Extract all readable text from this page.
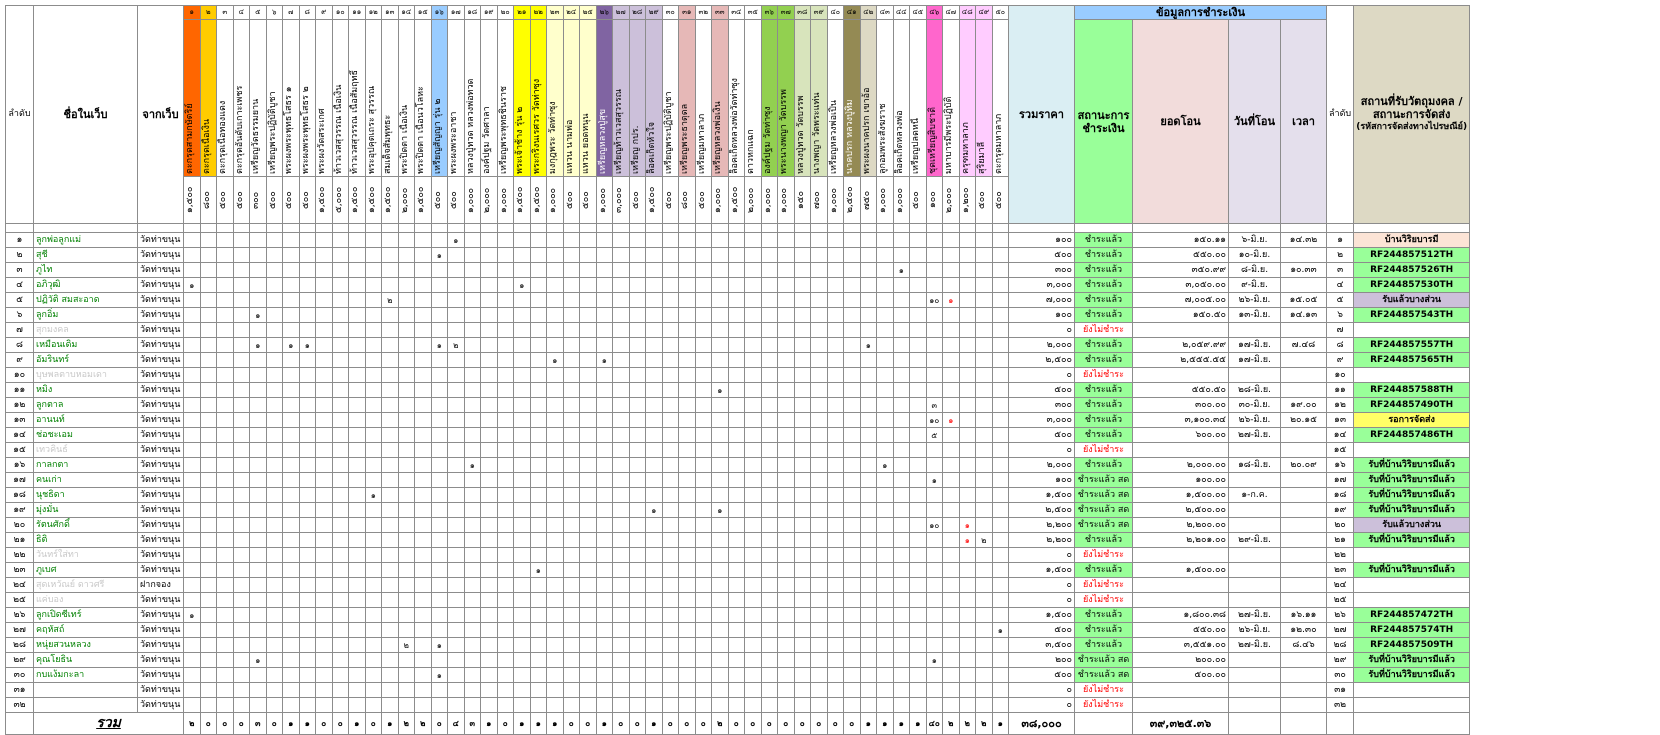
ลำดับ	ชื่อในเว็บ	จากเว็บ	๑	๒	๓	๔	๕	๖	๗	๘	๙	๑๐	๑๑	๑๒	๑๓	๑๔	๑๕	๑๖	๑๗	๑๘	๑๙	๒๐	๒๑	๒๒	๒๓	๒๔	๒๕	๒๖	๒๗	๒๘	๒๙	๓๐	๓๑	๓๒	๓๓	๓๔	๓๕	๓๖	๓๗	๓๘	๓๙	๔๐	๔๑	๔๒	๔๓	๔๔	๔๕	๔๖	๔๗	๔๘	๔๙	๕๐	รวมราคา	ข้อมูลการชำระเงิน				ลำดับ	สถานที่รับวัตถุมงคล / สถานะการจัดส่ง
(รหัสการจัดส่งทางไปรษณีย์)

			ตะกรุดสามกษัตริย์	ตะกรุดเนื้อเงิน	ตะกรุดเนื้อทองแดง	ตะกรุดอันดับเกาะเพชร	เหรียญวัดธรรมยาน	เหรียญพระปฏิบัติบูชา	พระผงพระพุทธโสธร ๑	พระผงพระพุทธโสธร ๒	พระผงวัดสระเกศ	ท้าวเวสสุวรรณ เนื้อเงิน	ท้าวเวสสุวรรณ เนื้อสัมฤทธิ์	พระอุปคุตเถระ สุวรรณ	สมเด็จสัมพุทธะ	พระปิดตา เนื้อเงิน	พระปิดตา เนื้อนวโลหะ	เหรียญสัญญา รุ่น ๒	พระผงพระอาชา	หลวงปู่ทวด หลวงพ่อทวด	องค์ปฐม วัดศาลา	เหรียญพระพุทธชินราช	พระเจ้าช้าง รุ่น ๒	พระกริ่งนเรศวร วัดท่าซุง	มงกุฎพระ วัดท่าซุง	แหวน นามพ่อ	แหวน ยอดหนุน	เหรียญหลวงปู่สุข	เหรียญท้าวเวสสุวรรณ	เหรียญ กปร.	ล็อคเก็ตหัวใจ	เหรียญพระปฏิบัติบูชา	เหรียญพระธาตุดล	เหรียญมหาลาภ	เหรียญหลวงพ่อเงิน	ล็อคเก็ตหลวงพ่อวัดท่าซุง	ดาวหกแฉก	องค์ปฐม วัดท่าซุง	พระนางพญา วัดบรรพ	หลวงปู่ทวด วัดบรรพ	นางพญา วัดพระแท่น	เหรียญหลวงพ่อเปิ้น	นาคปรก หลวงปู่ทิม	พระผงนาคปรก เขาอ้อ	ลูกอมพระสังฆราช	ล็อคเก็ตหลวงพ่อ	เหรียญปลดหนี้	ชุดเหรียญสิบชาติ	มหาบารมีพระปฏิบัติ	ครุฑมหาลาภ	สุริยมาลี	ตะกรุดมหาลาภ		สถานะการชำระเงิน	ยอดโอน	วันที่โอน	เวลา		

			๑,๕๐๐	๘๐๐	๕๐๐	๕๐๐	๓๐๐	๕๐๐	๕๐๐	๕๐๐	๑,๕๐๐	๕,๐๐๐	๑,๕๐๐	๑,๕๐๐	๑,๕๐๐	๒,๐๐๐	๑,๕๐๐	๕๐๐	๕๐๐	๑,๐๐๐	๒,๐๐๐	๑,๐๐๐	๑,๕๐๐	๑,๕๐๐	๑,๐๐๐	๕๐๐	๕๐๐	๑,๐๐๐	๓,๐๐๐	๕๐๐	๑,๕๐๐	๕๐๐	๘๐๐	๕๐๐	๑,๐๐๐	๑,๕๐๐	๒,๐๐๐	๑,๐๐๐	๑,๐๐๐	๑๕๐	๗๐๐	๑,๐๐๐	๒,๕๐๐	๗๕๐	๑,๐๐๐	๑,๐๐๐	๕๐๐	๑๐๐	๒,๐๐๐	๑,๒๐๐	๕๐๐	๕๐๐							

๑	ลูกพ่อลูกแม่	วัดท่าขนุน																	๑																																		๑๐๐	ชำระแล้ว	๑๕๐.๑๑	๖-มิ.ย.	๑๔.๓๒	๑	บ้านวิริยบารมี
๒	สุชี	วัดท่าขนุน																๑																																			๕๐๐	ชำระแล้ว	๕๕๐.๐๐	๑๐-มิ.ย.		๒	RF244857512TH
๓	ภูไท	วัดท่าขนุน																																												๑							๓๐๐	ชำระแล้ว	๓๕๐.๙๙	๘-มิ.ย.	๑๐.๓๓	๓	RF244857526TH
๔	อภิวุฒิ	วัดท่าขนุน	๑																				๑																														๓,๐๐๐	ชำระแล้ว	๓,๐๕๐.๐๐	๙-มิ.ย.		๔	RF244857530TH
๕	ปฏิวัติ สมสะอาด	วัดท่าขนุน													๒																																	๑๐	๑				๗,๐๐๐	ชำระแล้ว	๗,๐๐๕.๐๐	๒๖-มิ.ย.	๑๕.๐๕	๕	รับแล้วบางส่วน
๖	ลูกอิ่ม	วัดท่าขนุน					๑																																														๑๐๐	ชำระแล้ว	๑๕๐.๕๐	๑๓-มิ.ย.	๑๔.๑๓	๖	RF244857543TH
๗	สุกมงคล	วัดท่าขนุน																																																			๐	ยังไม่ชำระ				๗	
๘	เหมือนเดิม	วัดท่าขนุน					๑		๑	๑								๑	๒																									๑									๒,๐๐๐	ชำระแล้ว	๒,๐๕๙.๙๙	๑๗-มิ.ย.	๗.๔๘	๘	RF244857557TH
๙	อัมรินทร์	วัดท่าขนุน																							๑			๑																									๒,๕๐๐	ชำระแล้ว	๒,๕๕๕.๕๕	๑๗-มิ.ย.		๙	RF244857565TH
๑๐	บุษพลตาบหอมเดา	วัดท่าขนุน																																																			๐	ยังไม่ชำระ				๑๐	
๑๑	หมิง	วัดท่าขนุน																																	๑																		๕๐๐	ชำระแล้ว	๕๕๐.๕๐	๒๘-มิ.ย.		๑๑	RF244857588TH
๑๒	ลูกตาล	วัดท่าขนุน																																														๓					๓๐๐	ชำระแล้ว	๓๐๐.๐๐	๓๐-มิ.ย.	๑๙.๐๐	๑๒	RF244857490TH
๑๓	อานนท์	วัดท่าขนุน																																														๑๐	๑				๓,๐๐๐	ชำระแล้ว	๓,๑๐๐.๓๔	๒๖-มิ.ย.	๒๐.๑๕	๑๓	รอการจัดส่ง
๑๔	ช่อชะเอม	วัดท่าขนุน																																														๕					๕๐๐	ชำระแล้ว	๖๐๐.๐๐	๒๗-มิ.ย.		๑๔	RF244857486TH
๑๕	เทวคินธ์	วัดท่าขนุน																																																			๐	ยังไม่ชำระ				๑๕	
๑๖	กาลกตา	วัดท่าขนุน																		๑																									๑								๒,๐๐๐	ชำระแล้ว	๒,๐๐๐.๐๐	๑๘-มิ.ย.	๒๐.๐๙	๑๖	รับที่บ้านวิริยบารมีแล้ว
๑๗	คนเก่า	วัดท่าขนุน																																														๑					๑๐๐	ชำระแล้ว สด	๑๐๐.๐๐			๑๗	รับที่บ้านวิริยบารมีแล้ว
๑๘	นุชธิดา	วัดท่าขนุน												๑																																							๑,๕๐๐	ชำระแล้ว สด	๑,๕๐๐.๐๐	๑-ก.ค.		๑๘	รับที่บ้านวิริยบารมีแล้ว
๑๙	มุ่งมั่น	วัดท่าขนุน																													๑				๑																		๒,๕๐๐	ชำระแล้ว สด	๒,๕๐๐.๐๐			๑๙	รับที่บ้านวิริยบารมีแล้ว
๒๐	รัตนศักดิ์	วัดท่าขนุน																																														๑๐		๑			๒,๒๐๐	ชำระแล้ว สด	๒,๒๐๐.๐๐			๒๐	รับแล้วบางส่วน
๒๑	ธิติ	วัดท่าขนุน																																																๑	๒		๒,๒๐๐	ชำระแล้ว	๒,๒๐๑.๐๐	๒๙-มิ.ย.		๒๑	รับที่บ้านวิริยบารมีแล้ว
๒๒	วันทร์ใส่ทา	วัดท่าขนุน																																																			๐	ยังไม่ชำระ				๒๒	
๒๓	ภูเบศ	วัดท่าขนุน																						๑																													๑,๕๐๐	ชำระแล้ว	๑,๕๐๐.๐๐			๒๓	รับที่บ้านวิริยบารมีแล้ว
๒๔	สุดเหวัณย์ ดาวศรี	ฝากจอง																																																			๐	ยังไม่ชำระ				๒๔	
๒๕	แค่บอง	วัดท่าขนุน																																																			๐	ยังไม่ชำระ				๒๕	
๒๖	ลูกเปิดซีเทร์	วัดท่าขนุน	๑																																																		๑,๕๐๐	ชำระแล้ว	๑,๘๐๐.๓๘	๒๗-มิ.ย.	๑๖.๑๑	๒๖	RF244857472TH
๒๗	คฤหัสถ์	วัดท่าขนุน																																																		๑	๕๐๐	ชำระแล้ว	๕๕๐.๐๐	๒๖-มิ.ย.	๑๒.๓๐	๒๗	RF244857574TH
๒๘	หนุ่ยสวนหลวง	วัดท่าขนุน														๒		๑																																			๓,๕๐๐	ชำระแล้ว	๓,๕๕๑.๐๐	๒๗-มิ.ย.	๘.๔๖	๒๘	RF244857509TH
๒๙	คุณโยธิน	วัดท่าขนุน					๑																																									๑					๒๐๐	ชำระแล้ว สด	๒๐๐.๐๐			๒๙	รับที่บ้านวิริยบารมีแล้ว
๓๐	กบแง้มกะลา	วัดท่าขนุน																๑																																			๕๐๐	ชำระแล้ว สด	๕๐๐.๐๐			๓๐	รับที่บ้านวิริยบารมีแล้ว
๓๑		วัดท่าขนุน																																																			๐	ยังไม่ชำระ				๓๑	
๓๒		วัดท่าขนุน																																																			๐	ยังไม่ชำระ				๓๒	
	รวม		๒	๐	๐	๐	๓	๐	๑	๑	๐	๐	๑	๐	๑	๒	๒	๐	๔	๓	๑	๐	๑	๑	๑	๐	๐	๑	๐	๐	๑	๐	๐	๐	๒	๐	๐	๐	๐	๐	๐	๐	๐	๑	๑	๑	๑	๔๐	๒	๒	๒	๑	๓๘,๐๐๐		๓๙,๓๒๕.๓๖				
